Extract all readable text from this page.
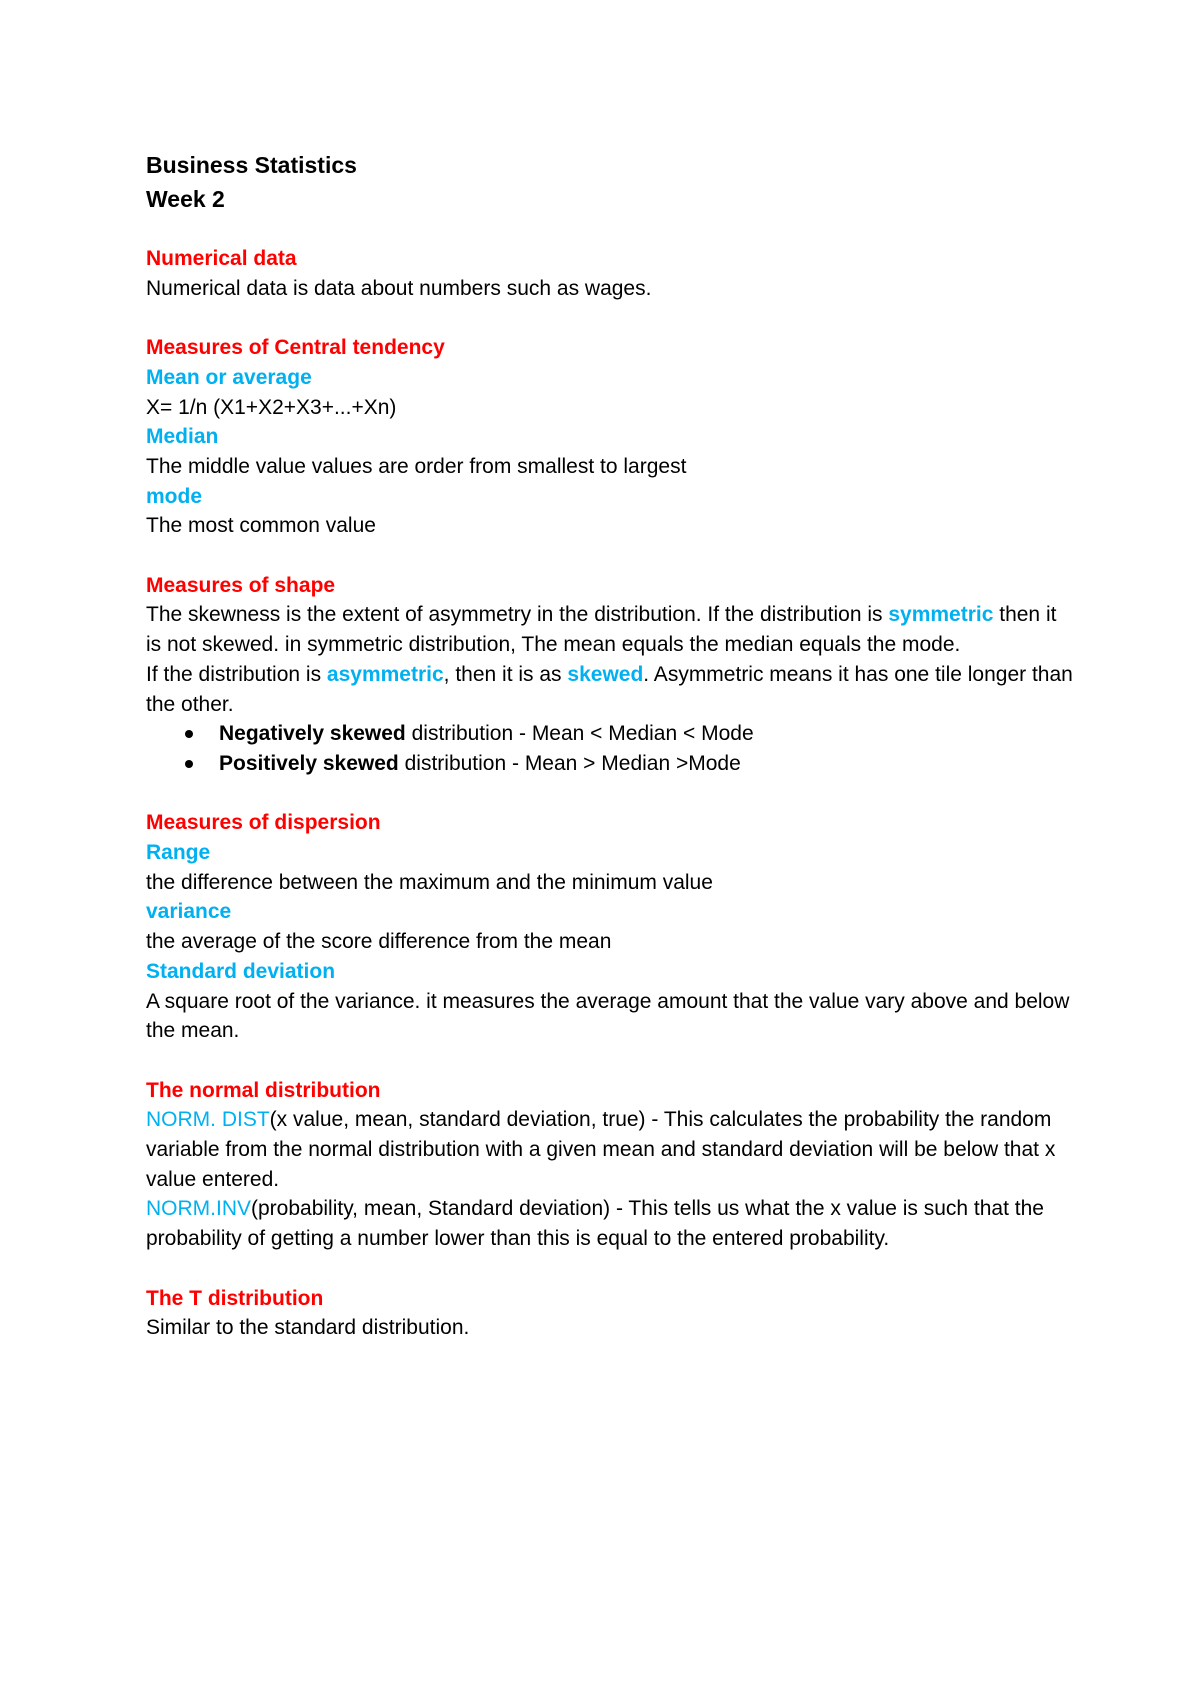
Business Statistics
Week 2

Numerical data

Numerical data is data about numbers such as wages.

Measures of Central tendency

Mean or average

X= 1/n (X1+X2+X3+...+Xn)

Median

The middle value values are order from smallest to largest

mode

The most common value

Measures of shape

The skewness is the extent of asymmetry in the distribution. If the distribution is symmetric then it is not skewed. in symmetric distribution, The mean equals the median equals the mode.

If the distribution is asymmetric, then it is as skewed. Asymmetric means it has one tile longer than the other.

Negatively skewed distribution - Mean < Median < Mode
Positively skewed distribution - Mean > Median >Mode

Measures of dispersion

Range

the difference between the maximum and the minimum value

variance

the average of the score difference from the mean

Standard deviation

A square root of the variance. it measures the average amount that the value vary above and below the mean.

The normal distribution

NORM. DIST(x value, mean, standard deviation, true) - This calculates the probability the random variable from the normal distribution with a given mean and standard deviation will be below that x value entered.

NORM.INV(probability, mean, Standard deviation) - This tells us what the x value is such that the probability of getting a number lower than this is equal to the entered probability.

The T distribution

Similar to the standard distribution.
